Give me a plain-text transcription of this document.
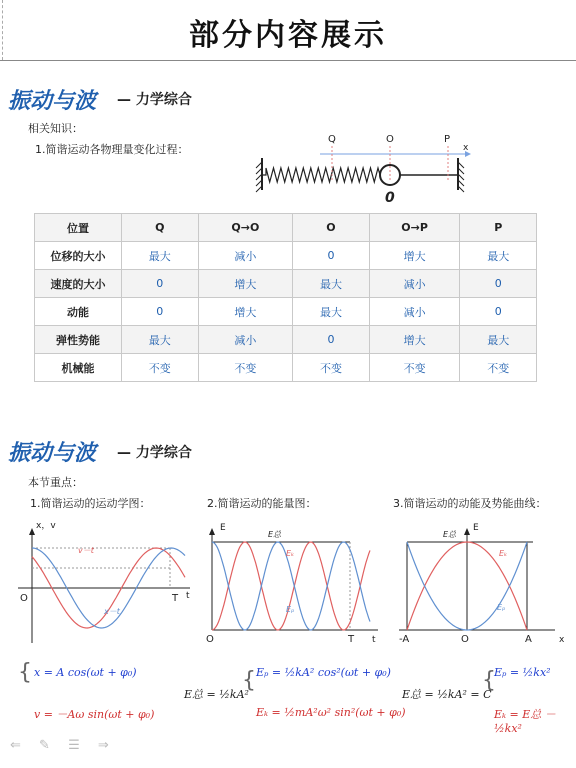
部分内容展示
振动与波 — 力学综合
相关知识：
1.简谐运动各物理量变化过程：
Q	O	P
x
0
位置	Q	Q→O	O	O→P	P
位移的大小	最大	减小	0	增大	最大
速度的大小	0	增大	最大	减小	0
动能	0	增大	最大	减小	0
弹性势能	最大	减小	0	增大	最大
机械能	不变	不变	不变	不变	不变
振动与波 — 力学综合
本节重点：
1.简谐运动的运动学图：	2.简谐运动的能量图：	3.简谐运动的动能及势能曲线：
x，v
O	T t
v－t
x－t
E
E总
Eₖ
Eₚ
O	T t
E
E总
Eₖ
Eₚ
-A	O	A	x
{ x = A cos(ωt + φ₀)
v = －Aω sin(ωt + φ₀)
E总 = ½kA²
{ Eₚ = ½kA² cos²(ωt + φ₀)
Eₖ = ½mA²ω² sin²(ωt + φ₀)
E总 = ½kA² = C
{
Eₚ = ½kx²
Eₖ = E总 － ½kx²
⇐ ✎ ☰ ⇒
